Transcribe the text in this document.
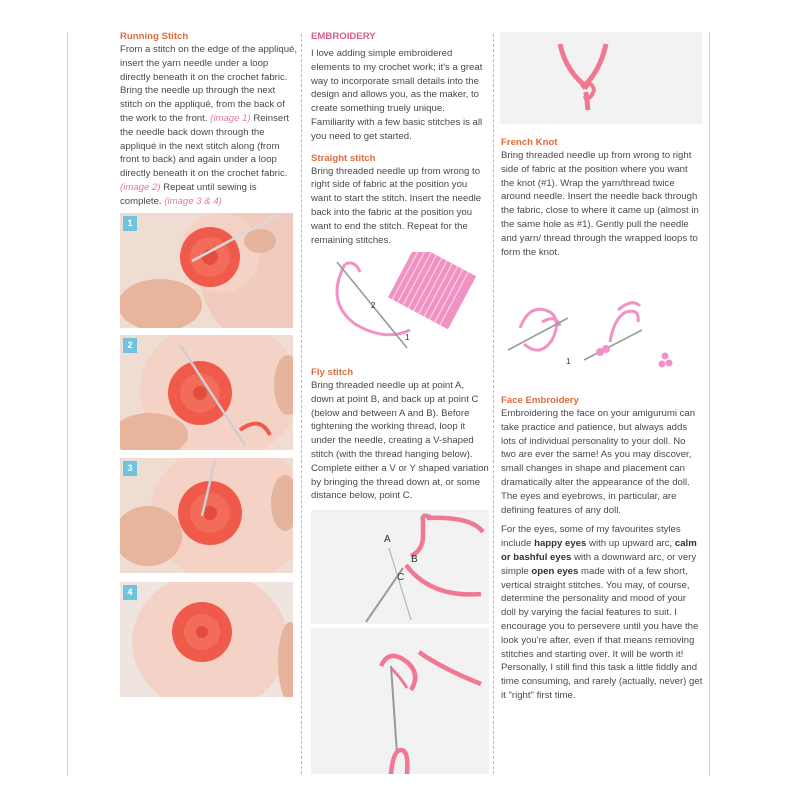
Running Stitch

From a stitch on the edge of the appliqué, insert the yarn needle under a loop directly beneath it on the crochet fabric. Bring the needle up through the next stitch on the appliqué, from the back of the work to the front. (image 1) Reinsert the needle back down through the appliqué in the next stitch along (from front to back) and again under a loop directly beneath it on the crochet fabric. (image 2) Repeat until sewing is complete. (image 3 & 4)

1
2
3
4
EMBROIDERY

I love adding simple embroidered elements to my crochet work; it's a great way to incorporate small details into the design and allows you, as the maker, to create something truely unique. Familiarity with a few basic stitches is all you need to get started.

Straight stitch

Bring threaded needle up from wrong to right side of fabric at the position you want to start the stitch. Insert the needle back into the fabric at the position you want to end the stitch. Repeat for the remaining stitches.

2
1
Fly stitch

Bring threaded needle up at point A, down at point B, and back up at point C (below and between A and B). Before tightening the working thread, loop it under the needle, creating a V-shaped stitch (with the thread hanging below). Complete either a V or Y shaped variation by bringing the thread down at, or some distance below, point C.

A
B
C
French Knot

Bring threaded needle up from wrong to right side of fabric at the position where you want the knot (#1). Wrap the yarn/thread twice around needle. Insert the needle back through the fabric, close to where it came up (almost in the same hole as #1). Gently pull the needle and yarn/ thread through the wrapped loops to form the knot.

1
Face Embroidery

Embroidering the face on your amigurumi can take practice and patience, but always adds lots of individual personality to your doll. No two are ever the same! As you may discover, small changes in shape and placement can dramatically alter the appearance of the doll. The eyes and eyebrows, in particular, are defining features of any doll.

For the eyes, some of my favourites styles include happy eyes with up upward arc, calm or bashful eyes with a downward arc, or very simple open eyes made with of a few short, vertical straight stitches. You may, of course, determine the personality and mood of your doll by varying the facial features to suit. I encourage you to persevere until you have the look you're after, even if that means removing stitches and starting over. It will be worth it! Personally, I still find this task a little fiddly and time consuming, and rarely (actually, never) get it "right" first time.
